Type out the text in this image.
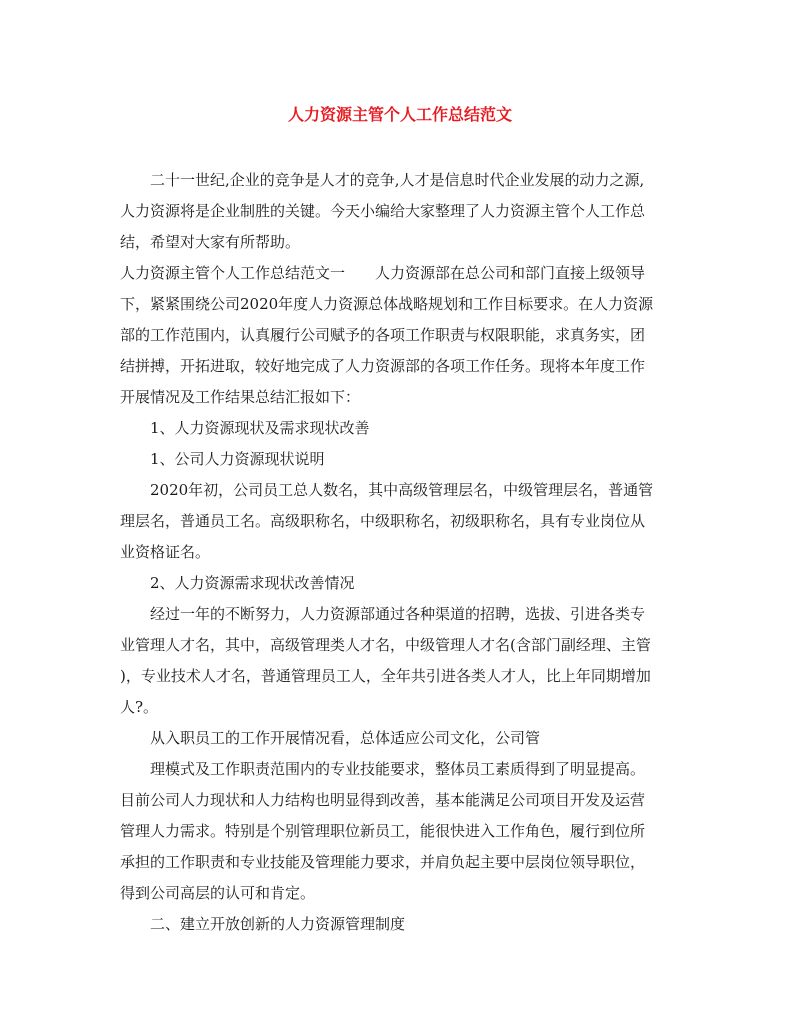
人力资源主管个人工作总结范文
二十一世纪,企业的竞争是人才的竞争,人才是信息时代企业发展的动力之源,
人力资源将是企业制胜的关键。今天小编给大家整理了人力资源主管个人工作总
结，希望对大家有所帮助。
人力资源主管个人工作总结范文一 人力资源部在总公司和部门直接上级领导
下，紧紧围绕公司2020年度人力资源总体战略规划和工作目标要求。在人力资源
部的工作范围内，认真履行公司赋予的各项工作职责与权限职能，求真务实，团
结拼搏，开拓进取，较好地完成了人力资源部的各项工作任务。现将本年度工作
开展情况及工作结果总结汇报如下：
1、人力资源现状及需求现状改善
1、公司人力资源现状说明
2020年初，公司员工总人数名，其中高级管理层名，中级管理层名，普通管
理层名，普通员工名。高级职称名，中级职称名，初级职称名，具有专业岗位从
业资格证名。
2、人力资源需求现状改善情况
经过一年的不断努力，人力资源部通过各种渠道的招聘，选拔、引进各类专
业管理人才名，其中，高级管理类人才名，中级管理人才名(含部门副经理、主管
)，专业技术人才名，普通管理员工人，全年共引进各类人才人，比上年同期增加
人?。
从入职员工的工作开展情况看，总体适应公司文化，公司管
理模式及工作职责范围内的专业技能要求，整体员工素质得到了明显提高。
目前公司人力现状和人力结构也明显得到改善，基本能满足公司项目开发及运营
管理人力需求。特别是个别管理职位新员工，能很快进入工作角色，履行到位所
承担的工作职责和专业技能及管理能力要求，并肩负起主要中层岗位领导职位，
得到公司高层的认可和肯定。
二、建立开放创新的人力资源管理制度
